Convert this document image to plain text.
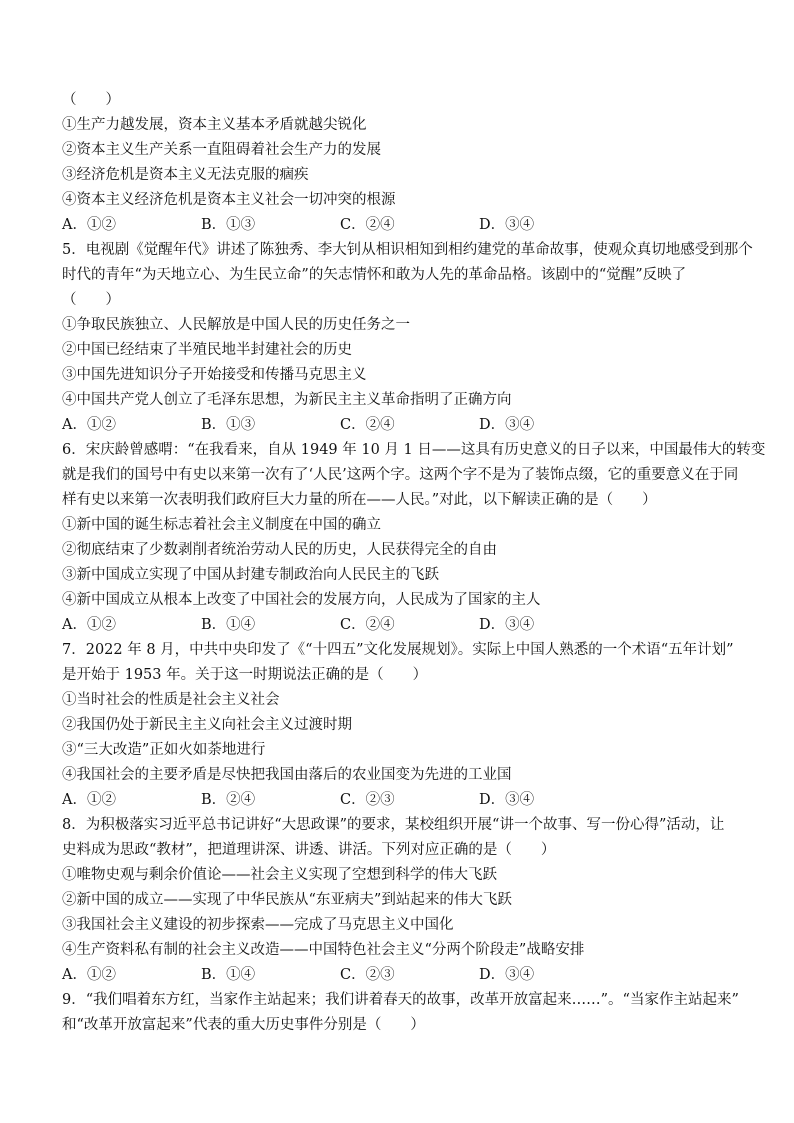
（　　）
①生产力越发展，资本主义基本矛盾就越尖锐化
②资本主义生产关系一直阻碍着社会生产力的发展
③经济危机是资本主义无法克服的痼疾
④资本主义经济危机是资本主义社会一切冲突的根源
A．①②	B．①③	C．②④	D．③④
5．电视剧《觉醒年代》讲述了陈独秀、李大钊从相识相知到相约建党的革命故事，使观众真切地感受到那个
时代的青年“为天地立心、为生民立命”的矢志情怀和敢为人先的革命品格。该剧中的“觉醒”反映了
（　　）
①争取民族独立、人民解放是中国人民的历史任务之一
②中国已经结束了半殖民地半封建社会的历史
③中国先进知识分子开始接受和传播马克思主义
④中国共产党人创立了毛泽东思想，为新民主主义革命指明了正确方向
A．①②	B．①③	C．②④	D．③④
6．宋庆龄曾感喟：“在我看来，自从 1949 年 10 月 1 日——这具有历史意义的日子以来，中国最伟大的转变
就是我们的国号中有史以来第一次有了‘人民’这两个字。这两个字不是为了装饰点缀，它的重要意义在于同
样有史以来第一次表明我们政府巨大力量的所在——人民。”对此，以下解读正确的是（　　）
①新中国的诞生标志着社会主义制度在中国的确立
②彻底结束了少数剥削者统治劳动人民的历史，人民获得完全的自由
③新中国成立实现了中国从封建专制政治向人民民主的飞跃
④新中国成立从根本上改变了中国社会的发展方向，人民成为了国家的主人
A．①②	B．①④	C．②④	D．③④
7．2022 年 8 月，中共中央印发了《“十四五”文化发展规划》。实际上中国人熟悉的一个术语“五年计划”
是开始于 1953 年。关于这一时期说法正确的是（　　）
①当时社会的性质是社会主义社会
②我国仍处于新民主主义向社会主义过渡时期
③“三大改造”正如火如荼地进行
④我国社会的主要矛盾是尽快把我国由落后的农业国变为先进的工业国
A．①②	B．②④	C．②③	D．③④
8．为积极落实习近平总书记讲好“大思政课”的要求，某校组织开展“讲一个故事、写一份心得”活动，让
史料成为思政“教材”，把道理讲深、讲透、讲活。下列对应正确的是（　　）
①唯物史观与剩余价值论——社会主义实现了空想到科学的伟大飞跃
②新中国的成立——实现了中华民族从“东亚病夫”到站起来的伟大飞跃
③我国社会主义建设的初步探索——完成了马克思主义中国化
④生产资料私有制的社会主义改造——中国特色社会主义“分两个阶段走”战略安排
A．①②	B．①④	C．②③	D．③④
9．“我们唱着东方红，当家作主站起来；我们讲着春天的故事，改革开放富起来……”。“当家作主站起来”
和“改革开放富起来”代表的重大历史事件分别是（　　）
